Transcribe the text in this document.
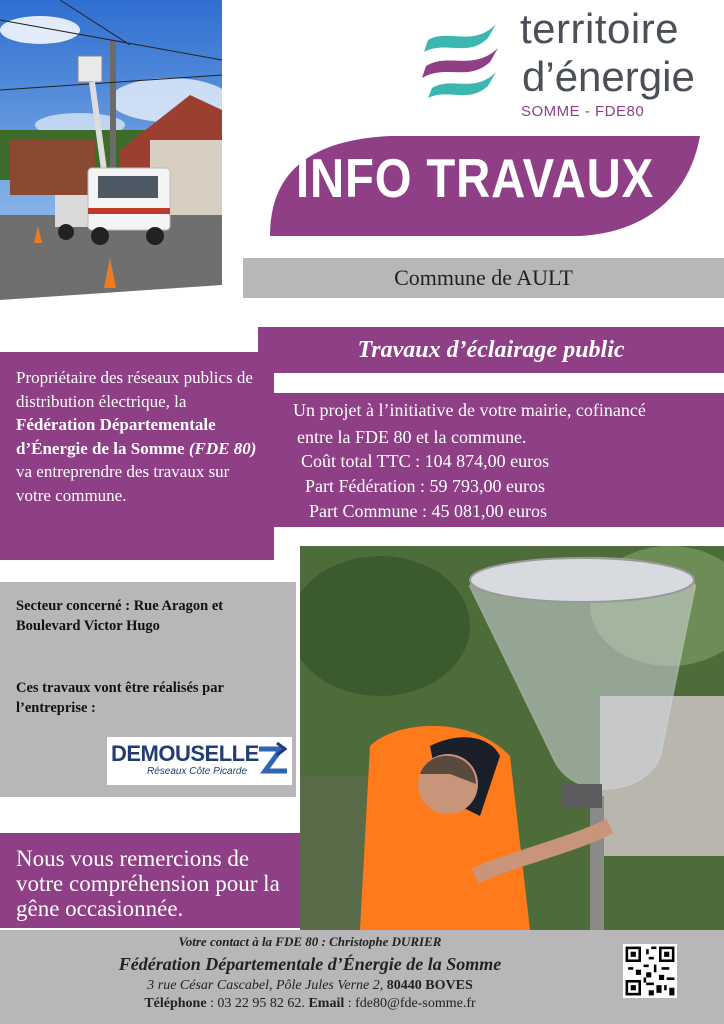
territoire
d’énergie
SOMME - FDE80
INFO TRAVAUX
Commune de AULT
Travaux d’éclairage public
Un projet à l’initiative de votre mairie, cofinancé
entre la FDE 80 et la commune.
Coût total TTC : 104 874,00 euros
Part Fédération : 59 793,00 euros
Part Commune : 45 081,00 euros
Propriétaire des réseaux publics de distribution électrique, la Fédération Départementale d’Énergie de la Somme (FDE 80) va entreprendre des travaux sur votre commune.
Secteur concerné : Rue Aragon et
Boulevard Victor Hugo
Ces travaux vont être réalisés par
l’entreprise :
DEMOUSELLE
Réseaux Côte Picarde
Nous vous remercions de
votre compréhension pour la
gêne occasionnée.
Votre contact à la FDE 80 : Christophe DURIER
Fédération Départementale d’Énergie de la Somme
3 rue César Cascabel, Pôle Jules Verne 2, 80440 BOVES
Téléphone : 03 22 95 82 62. Email : fde80@fde-somme.fr
